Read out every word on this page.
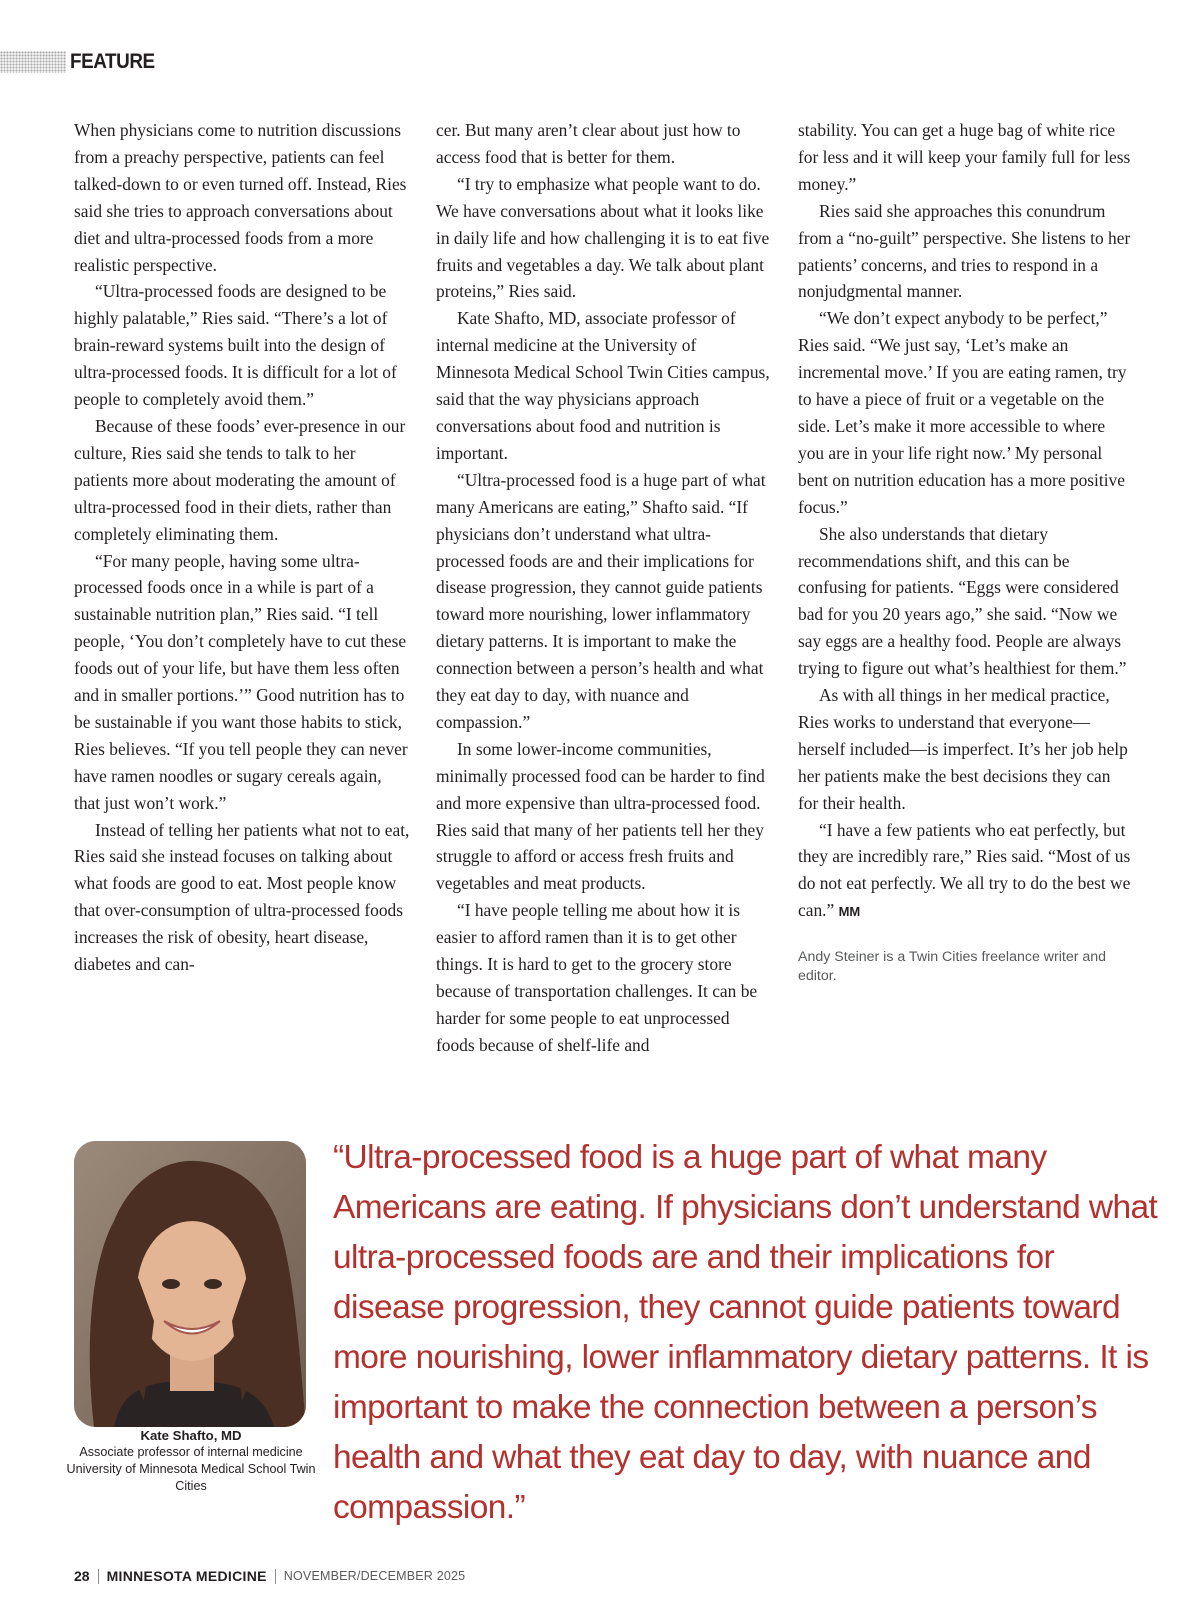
FEATURE

When physicians come to nutrition discussions from a preachy perspective, patients can feel talked-down to or even turned off. Instead, Ries said she tries to approach conversations about diet and ultra-processed foods from a more realistic perspective.

“Ultra-processed foods are designed to be highly palatable,” Ries said. “There’s a lot of brain-reward systems built into the design of ultra-processed foods. It is difficult for a lot of people to completely avoid them.”

Because of these foods’ ever-presence in our culture, Ries said she tends to talk to her patients more about moderating the amount of ultra-processed food in their diets, rather than completely eliminating them.

“For many people, having some ultra-processed foods once in a while is part of a sustainable nutrition plan,” Ries said. “I tell people, ‘You don’t completely have to cut these foods out of your life, but have them less often and in smaller portions.’” Good nutrition has to be sustainable if you want those habits to stick, Ries believes. “If you tell people they can never have ramen noodles or sugary cereals again, that just won’t work.”

Instead of telling her patients what not to eat, Ries said she instead focuses on talking about what foods are good to eat. Most people know that over-consumption of ultra-processed foods increases the risk of obesity, heart disease, diabetes and can-

cer. But many aren’t clear about just how to access food that is better for them.

“I try to emphasize what people want to do. We have conversations about what it looks like in daily life and how challenging it is to eat five fruits and vegetables a day. We talk about plant proteins,” Ries said.

Kate Shafto, MD, associate professor of internal medicine at the University of Minnesota Medical School Twin Cities campus, said that the way physicians approach conversations about food and nutrition is important.

“Ultra-processed food is a huge part of what many Americans are eating,” Shafto said. “If physicians don’t understand what ultra-processed foods are and their implications for disease progression, they cannot guide patients toward more nourishing, lower inflammatory dietary patterns. It is important to make the connection between a person’s health and what they eat day to day, with nuance and compassion.”

In some lower-income communities, minimally processed food can be harder to find and more expensive than ultra-processed food. Ries said that many of her patients tell her they struggle to afford or access fresh fruits and vegetables and meat products.

“I have people telling me about how it is easier to afford ramen than it is to get other things. It is hard to get to the grocery store because of transportation challenges. It can be harder for some people to eat unprocessed foods because of shelf-life and

stability. You can get a huge bag of white rice for less and it will keep your family full for less money.”

Ries said she approaches this conundrum from a “no-guilt” perspective. She listens to her patients’ concerns, and tries to respond in a nonjudgmental manner.

“We don’t expect anybody to be perfect,” Ries said. “We just say, ‘Let’s make an incremental move.’ If you are eating ramen, try to have a piece of fruit or a vegetable on the side. Let’s make it more accessible to where you are in your life right now.’ My personal bent on nutrition education has a more positive focus.”

She also understands that dietary recommendations shift, and this can be confusing for patients. “Eggs were considered bad for you 20 years ago,” she said. “Now we say eggs are a healthy food. People are always trying to figure out what’s healthiest for them.”

As with all things in her medical practice, Ries works to understand that everyone—herself included—is imperfect. It’s her job help her patients make the best decisions they can for their health.

“I have a few patients who eat perfectly, but they are incredibly rare,” Ries said. “Most of us do not eat perfectly. We all try to do the best we can.” MM

Andy Steiner is a Twin Cities freelance writer and editor.
Kate Shafto, MD
Associate professor of internal medicine
University of Minnesota Medical School Twin Cities
“Ultra-processed food is a huge part of what many Americans are eating. If physicians don’t understand what ultra-processed foods are and their implications for disease progression, they cannot guide patients toward more nourishing, lower inflammatory dietary patterns. It is important to make the connection between a person’s health and what they eat day to day, with nuance and compassion.”
28 MINNESOTA MEDICINE NOVEMBER/DECEMBER 2025
